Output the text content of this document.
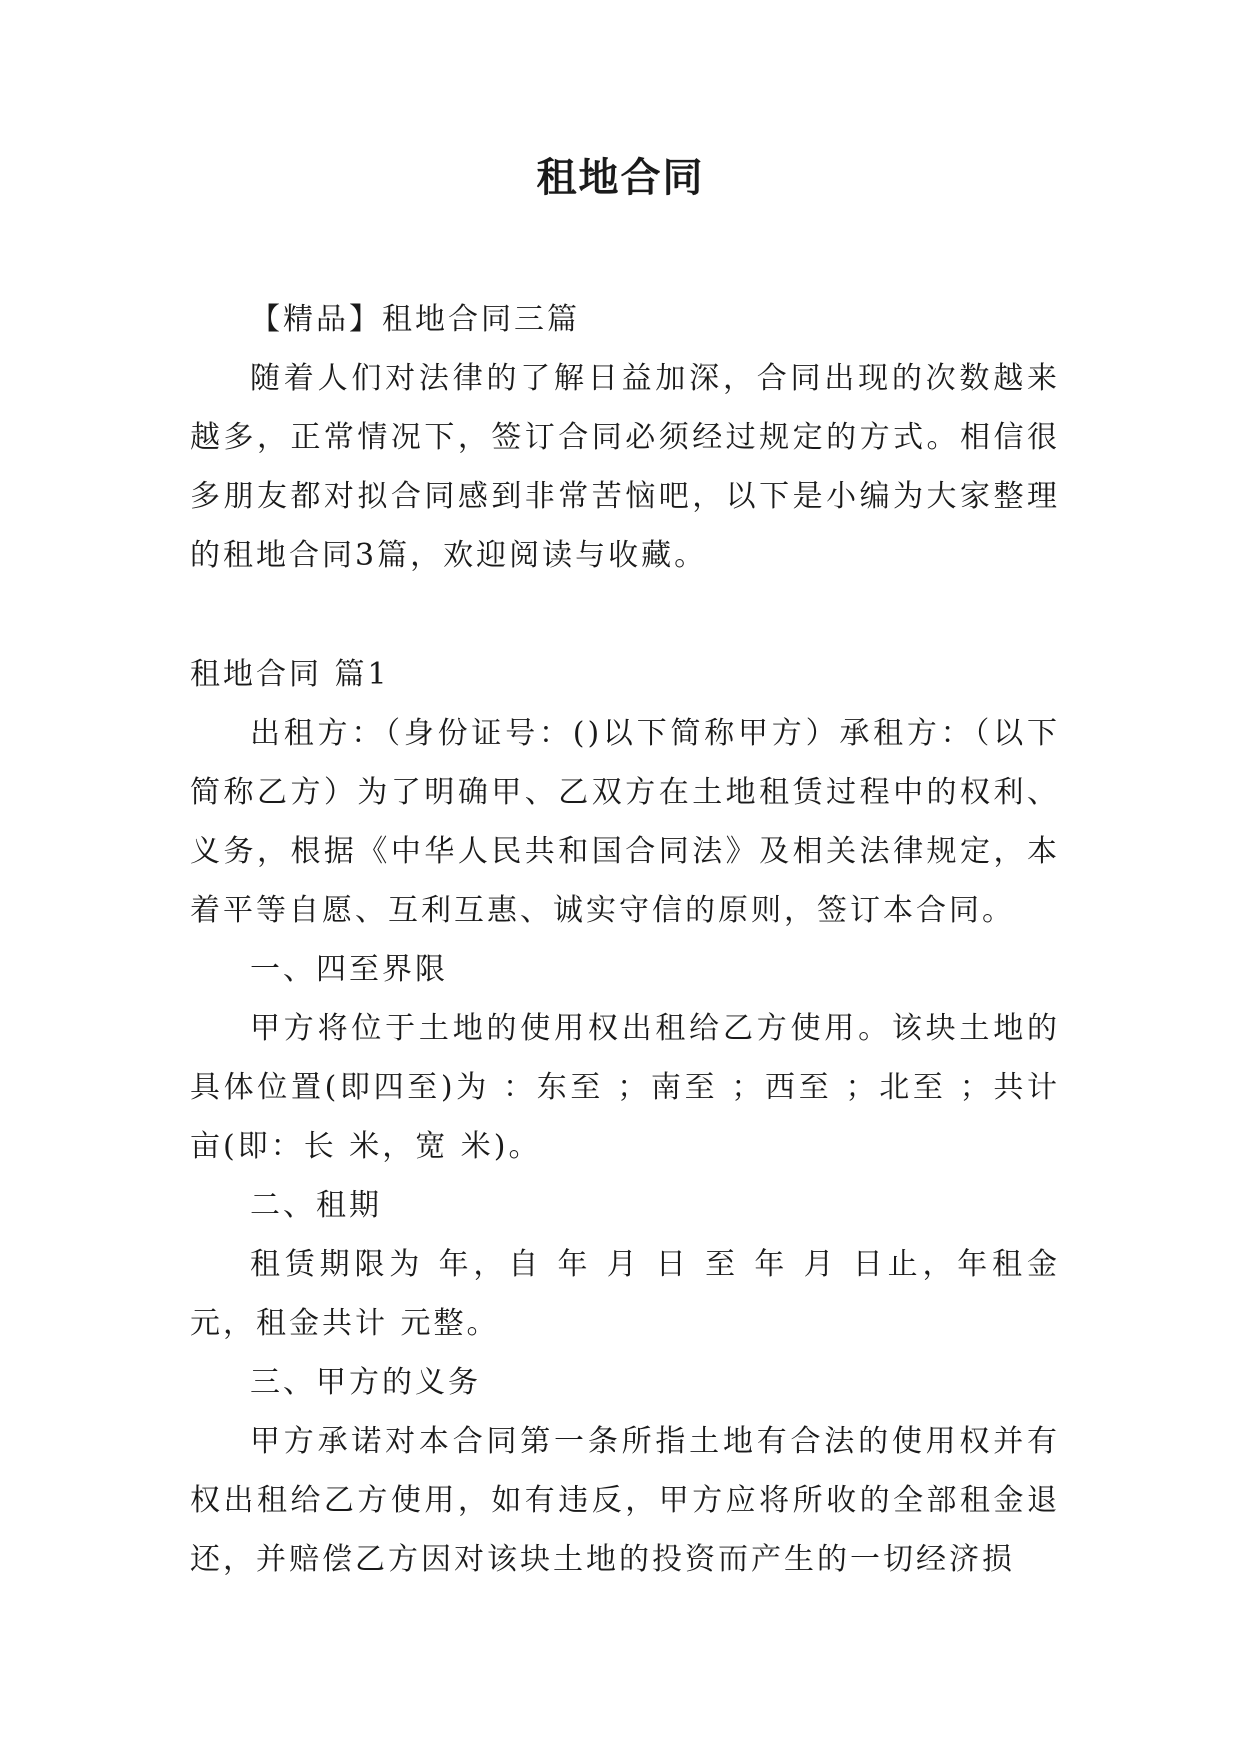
租地合同

【精品】租地合同三篇

随着人们对法律的了解日益加深，合同出现的次数越来越多，正常情况下，签订合同必须经过规定的方式。相信很多朋友都对拟合同感到非常苦恼吧，以下是小编为大家整理的租地合同3篇，欢迎阅读与收藏。

租地合同 篇1

出租方：（身份证号：()以下简称甲方）承租方：（以下简称乙方）为了明确甲、乙双方在土地租赁过程中的权利、义务，根据《中华人民共和国合同法》及相关法律规定，本着平等自愿、互利互惠、诚实守信的原则，签订本合同。

一、四至界限

甲方将位于土地的使用权出租给乙方使用。该块土地的具体位置(即四至)为 ：东至 ；南至 ；西至 ；北至 ；共计 亩(即：长 米，宽 米)。

二、租期

租赁期限为 年，自 年 月 日 至 年 月 日止，年租金元，租金共计 元整。

三、甲方的义务

甲方承诺对本合同第一条所指土地有合法的使用权并有权出租给乙方使用，如有违反，甲方应将所收的全部租金退还，并赔偿乙方因对该块土地的投资而产生的一切经济损
